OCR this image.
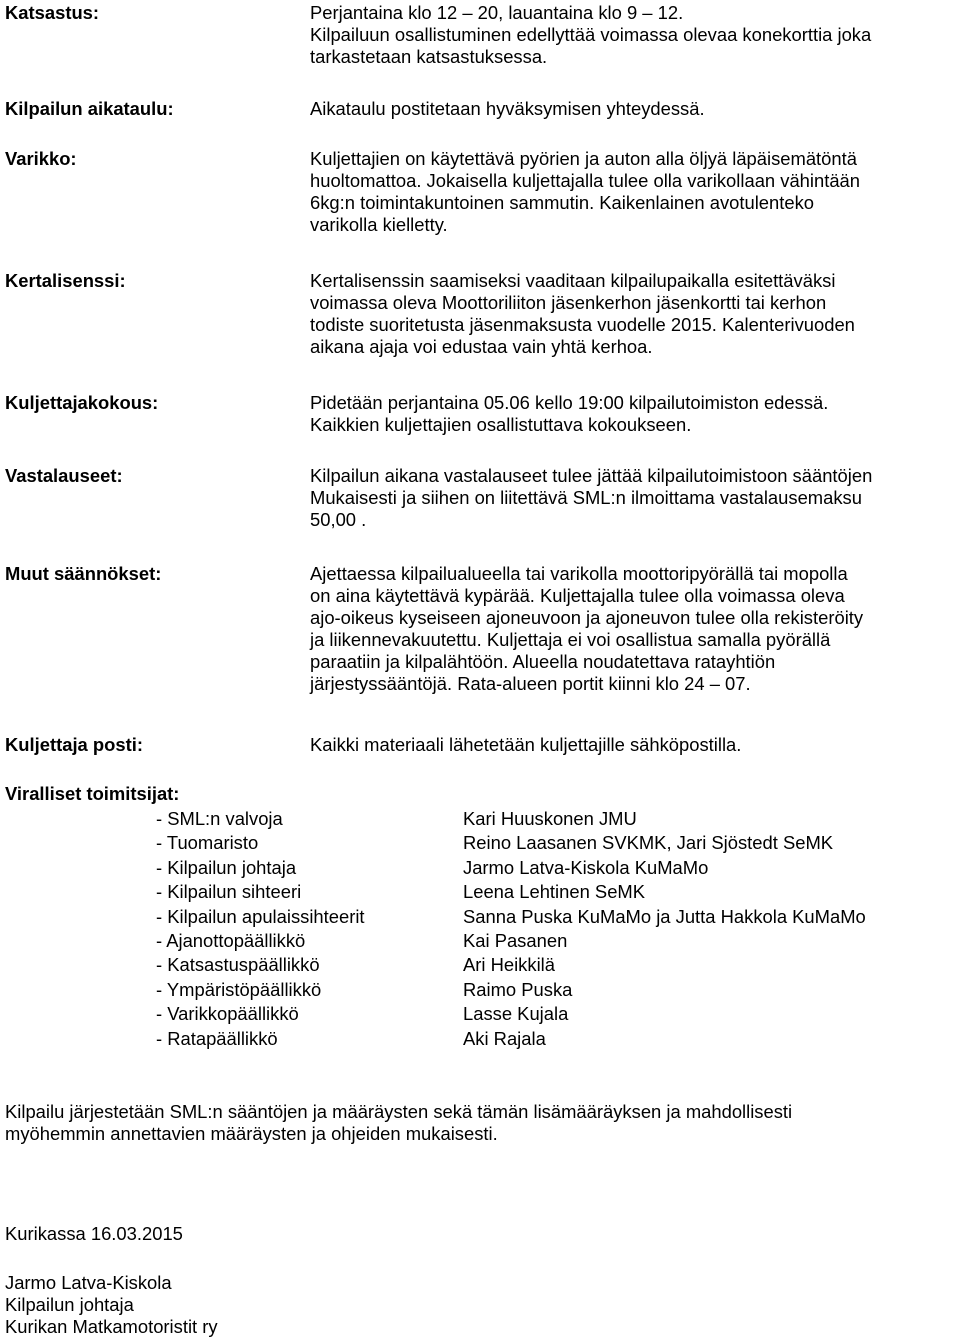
Katsastus:	Perjantaina klo 12 – 20, lauantaina klo 9 – 12.

Kilpailuun osallistuminen edellyttää voimassa olevaa konekorttia joka

tarkastetaan katsastuksessa.

Kilpailun aikataulu:	Aikataulu postitetaan hyväksymisen yhteydessä.

Varikko:	Kuljettajien on käytettävä pyörien ja auton alla öljyä läpäisemätöntä

huoltomattoa. Jokaisella kuljettajalla tulee olla varikollaan vähintään

6kg:n toimintakuntoinen sammutin. Kaikenlainen avotulenteko

varikolla kielletty.

Kertalisenssi:	Kertalisenssin saamiseksi vaaditaan kilpailupaikalla esitettäväksi

voimassa oleva Moottoriliiton jäsenkerhon jäsenkortti tai kerhon

todiste suoritetusta jäsenmaksusta vuodelle 2015. Kalenterivuoden

aikana ajaja voi edustaa vain yhtä kerhoa.

Kuljettajakokous:	Pidetään perjantaina 05.06 kello 19:00 kilpailutoimiston edessä.

Kaikkien kuljettajien osallistuttava kokoukseen.

Vastalauseet:	Kilpailun aikana vastalauseet tulee jättää kilpailutoimistoon sääntöjen

Mukaisesti ja siihen on liitettävä SML:n ilmoittama vastalausemaksu

50,00 .

Muut säännökset:	Ajettaessa kilpailualueella tai varikolla moottoripyörällä tai mopolla

on aina käytettävä kypärää. Kuljettajalla tulee olla voimassa oleva

ajo-oikeus kyseiseen ajoneuvoon ja ajoneuvon tulee olla rekisteröity

ja liikennevakuutettu. Kuljettaja ei voi osallistua samalla pyörällä

paraatiin ja kilpalähtöön. Alueella noudatettava ratayhtiön

järjestyssääntöjä. Rata-alueen portit kiinni klo 24 – 07.

Kuljettaja posti:	Kaikki materiaali lähetetään kuljettajille sähköpostilla.

Viralliset toimitsijat:
- SML:n valvoja	Kari Huuskonen JMU
- Tuomaristo	Reino Laasanen SVKMK, Jari Sjöstedt SeMK
- Kilpailun johtaja	Jarmo Latva-Kiskola KuMaMo
- Kilpailun sihteeri	Leena Lehtinen SeMK
- Kilpailun apulaissihteerit	Sanna Puska KuMaMo ja Jutta Hakkola KuMaMo
- Ajanottopäällikkö	Kai Pasanen
- Katsastuspäällikkö	Ari Heikkilä
- Ympäristöpäällikkö	Raimo Puska
- Varikkopäällikkö	Lasse Kujala
- Ratapäällikkö	Aki Rajala

Kilpailu järjestetään SML:n sääntöjen ja määräysten sekä tämän lisämääräyksen ja mahdollisesti

myöhemmin annettavien määräysten ja ohjeiden mukaisesti.

Kurikassa 16.03.2015

Jarmo Latva-Kiskola

Kilpailun johtaja

Kurikan Matkamotoristit ry
